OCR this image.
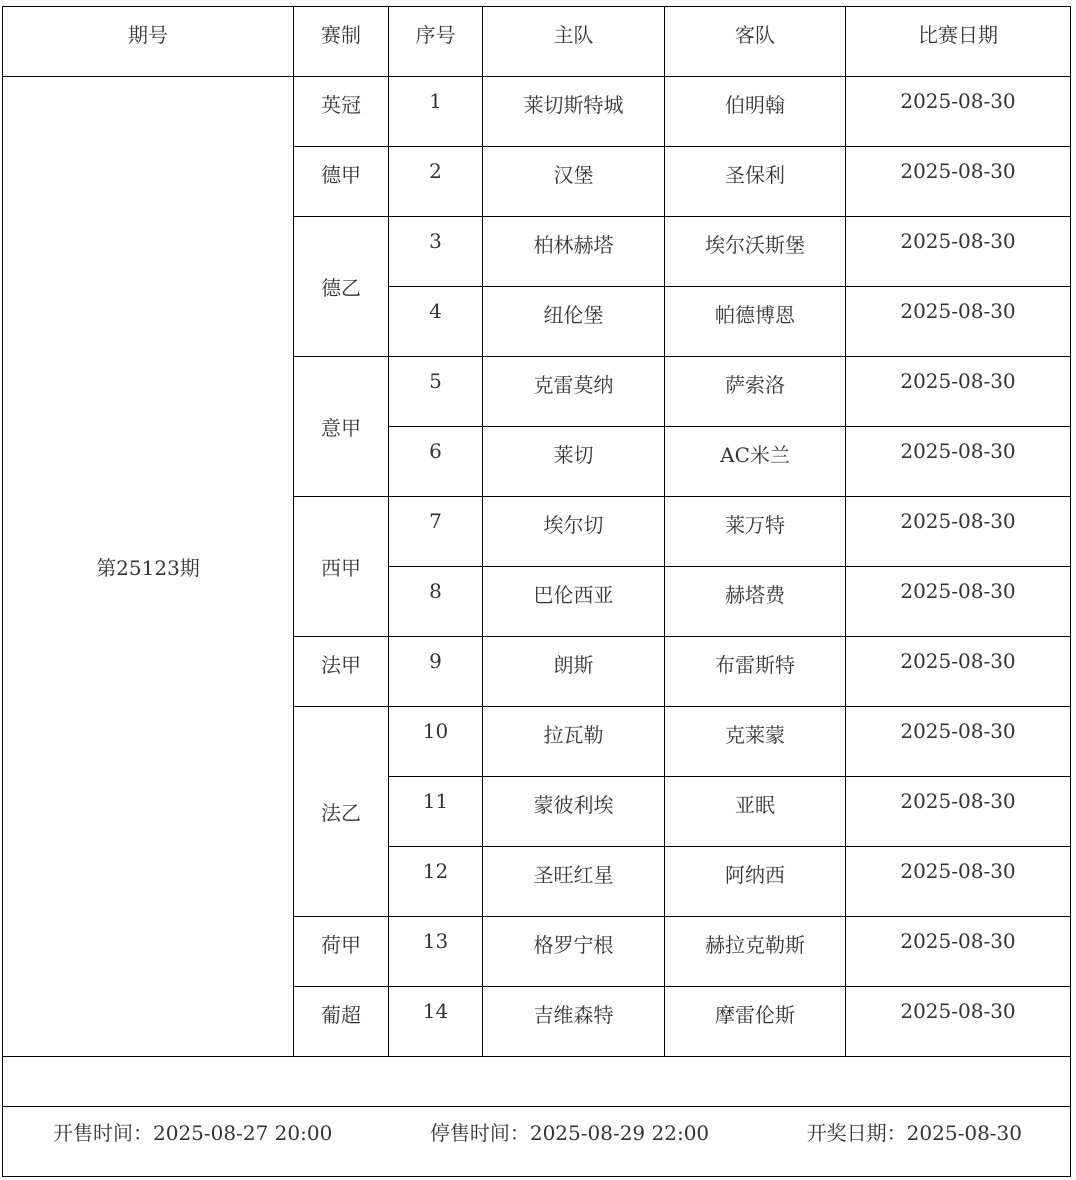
期号	赛制	序号	主队	客队	比赛日期
第25123期	英冠	1	莱切斯特城	伯明翰	2025-08-30
	德甲	2	汉堡	圣保利	2025-08-30
	德乙	3	柏林赫塔	埃尔沃斯堡	2025-08-30
		4	纽伦堡	帕德博恩	2025-08-30
	意甲	5	克雷莫纳	萨索洛	2025-08-30
		6	莱切	AC米兰	2025-08-30
	西甲	7	埃尔切	莱万特	2025-08-30
		8	巴伦西亚	赫塔费	2025-08-30
	法甲	9	朗斯	布雷斯特	2025-08-30
	法乙	10	拉瓦勒	克莱蒙	2025-08-30
		11	蒙彼利埃	亚眠	2025-08-30
		12	圣旺红星	阿纳西	2025-08-30
	荷甲	13	格罗宁根	赫拉克勒斯	2025-08-30
	葡超	14	吉维森特	摩雷伦斯	2025-08-30

开售时间：2025-08-27 20:00 停售时间：2025-08-29 22:00 开奖日期：2025-08-30					
